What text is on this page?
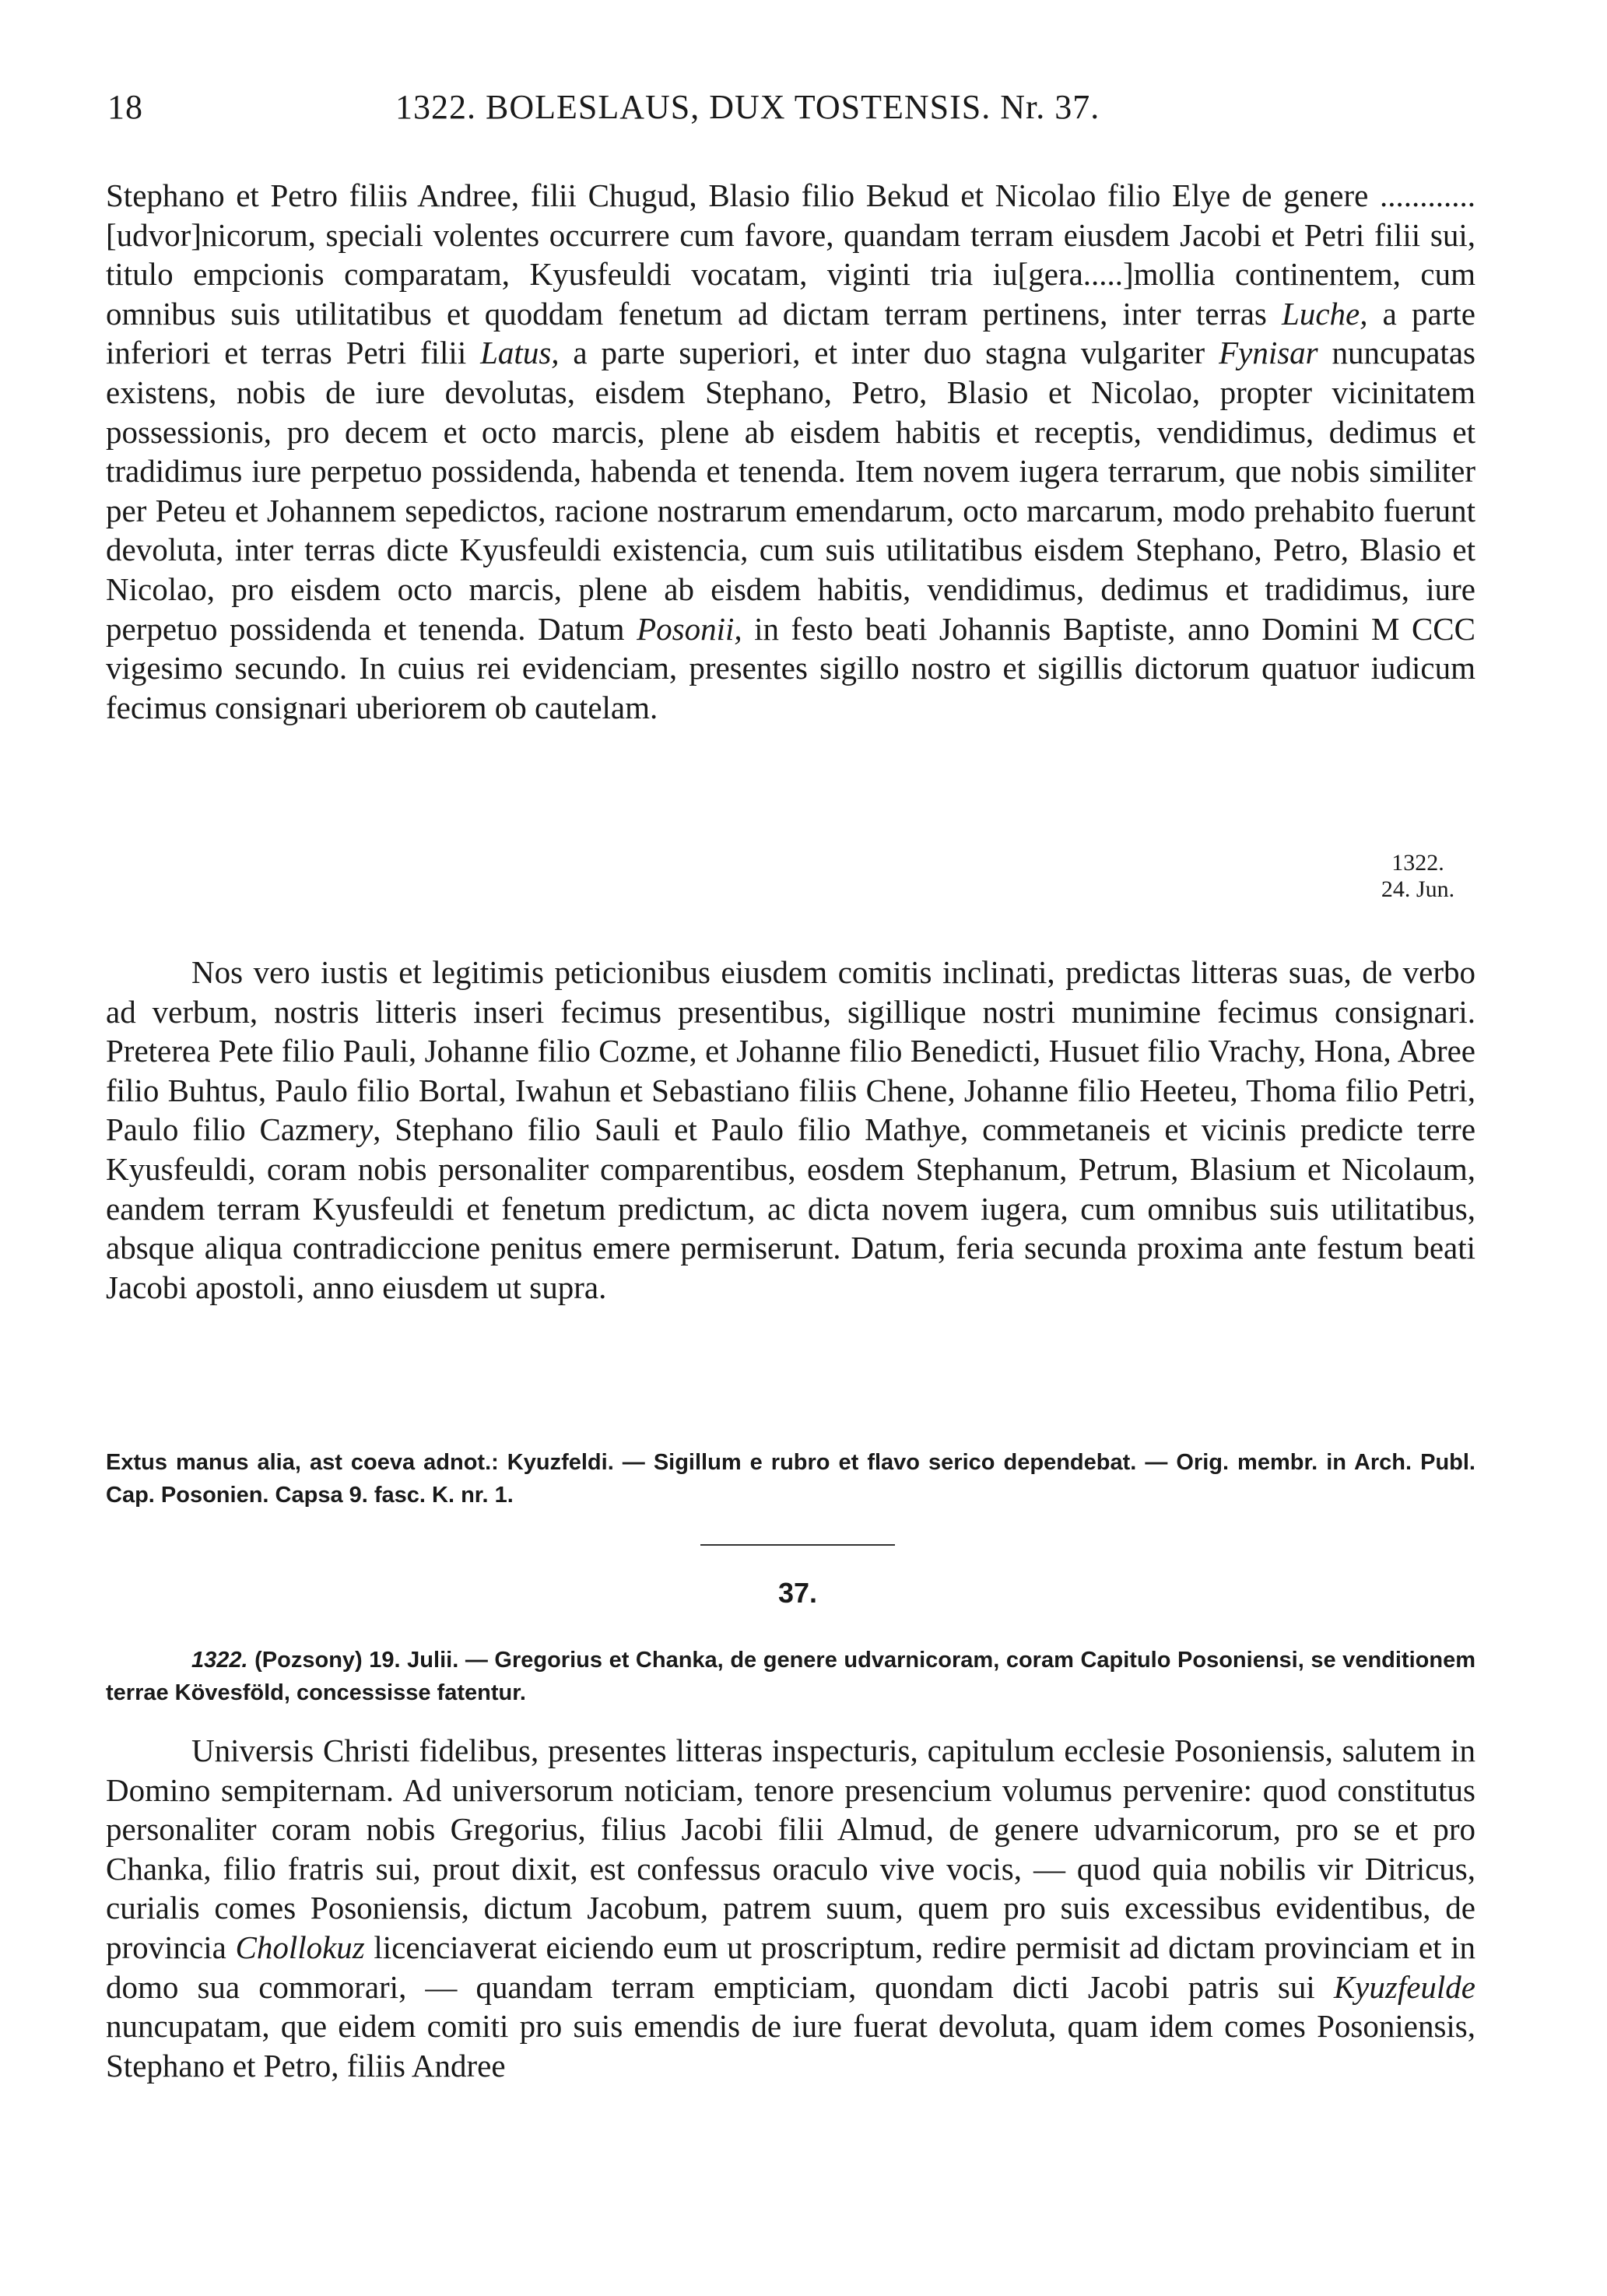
18	1322. BOLESLAUS, DUX TOSTENSIS. Nr. 37.

Stephano et Petro filiis Andree, filii Chugud, Blasio filio Bekud et Nicolao filio Elye de genere ............ [udvor]nicorum, speciali volentes occurrere cum favore, quandam terram eiusdem Jacobi et Petri filii sui, titulo empcionis comparatam, Kyusfeuldi vocatam, viginti tria iu[gera.....]mollia continentem, cum omnibus suis utilitatibus et quoddam fenetum ad dictam terram pertinens, inter terras Luche, a parte inferiori et terras Petri filii Latus, a parte superiori, et inter duo stagna vulgariter Fynisar nuncupatas existens, nobis de iure devolutas, eisdem Stephano, Petro, Blasio et Nicolao, propter vicinitatem possessionis, pro decem et octo marcis, plene ab eisdem habitis et receptis, vendidimus, dedimus et tradidimus iure perpetuo possidenda, habenda et tenenda. Item novem iugera terrarum, que nobis similiter per Peteu et Johannem sepedictos, racione nostrarum emendarum, octo marcarum, modo prehabito fuerunt devoluta, inter terras dicte Kyusfeuldi existencia, cum suis utilitatibus eisdem Stephano, Petro, Blasio et Nicolao, pro eisdem octo marcis, plene ab eisdem habitis, vendidimus, dedimus et tradidimus, iure perpetuo possidenda et tenenda. Datum Posonii, in festo beati Johannis Baptiste, anno Domini M CCC vigesimo secundo. In cuius rei evidenciam, presentes sigillo nostro et sigillis dictorum quatuor iudicum fecimus consignari uberiorem ob cautelam.

1322.
24. Jun.

Nos vero iustis et legitimis peticionibus eiusdem comitis inclinati, predictas litteras suas, de verbo ad verbum, nostris litteris inseri fecimus presentibus, sigillique nostri munimine fecimus consignari. Preterea Pete filio Pauli, Johanne filio Cozme, et Johanne filio Benedicti, Husuet filio Vrachy, Hona, Abree filio Buhtus, Paulo filio Bortal, Iwahun et Sebastiano filiis Chene, Johanne filio Heeteu, Thoma filio Petri, Paulo filio Cazmery, Stephano filio Sauli et Paulo filio Mathye, commetaneis et vicinis predicte terre Kyusfeuldi, coram nobis personaliter comparentibus, eosdem Stephanum, Petrum, Blasium et Nicolaum, eandem terram Kyusfeuldi et fenetum predictum, ac dicta novem iugera, cum omnibus suis utilitatibus, absque aliqua contradiccione penitus emere permiserunt. Datum, feria secunda proxima ante festum beati Jacobi apostoli, anno eiusdem ut supra.

Extus manus alia, ast coeva adnot.: Kyuzfeldi. — Sigillum e rubro et flavo serico dependebat. — Orig. membr. in Arch. Publ. Cap. Posonien. Capsa 9. fasc. K. nr. 1.
37.
1322. (Pozsony) 19. Julii. — Gregorius et Chanka, de genere udvarnicoram, coram Capitulo Posoniensi, se venditionem terrae Kövesföld, concessisse fatentur.

Universis Christi fidelibus, presentes litteras inspecturis, capitulum ecclesie Posoniensis, salutem in Domino sempiternam. Ad universorum noticiam, tenore presencium volumus pervenire: quod constitutus personaliter coram nobis Gregorius, filius Jacobi filii Almud, de genere udvarnicorum, pro se et pro Chanka, filio fratris sui, prout dixit, est confessus oraculo vive vocis, — quod quia nobilis vir Ditricus, curialis comes Posoniensis, dictum Jacobum, patrem suum, quem pro suis excessibus evidentibus, de provincia Chollokuz licenciaverat eiciendo eum ut proscriptum, redire permisit ad dictam provinciam et in domo sua commorari, — quandam terram empticiam, quondam dicti Jacobi patris sui Kyuzfeulde nuncupatam, que eidem comiti pro suis emendis de iure fuerat devoluta, quam idem comes Posoniensis, Stephano et Petro, filiis Andree
